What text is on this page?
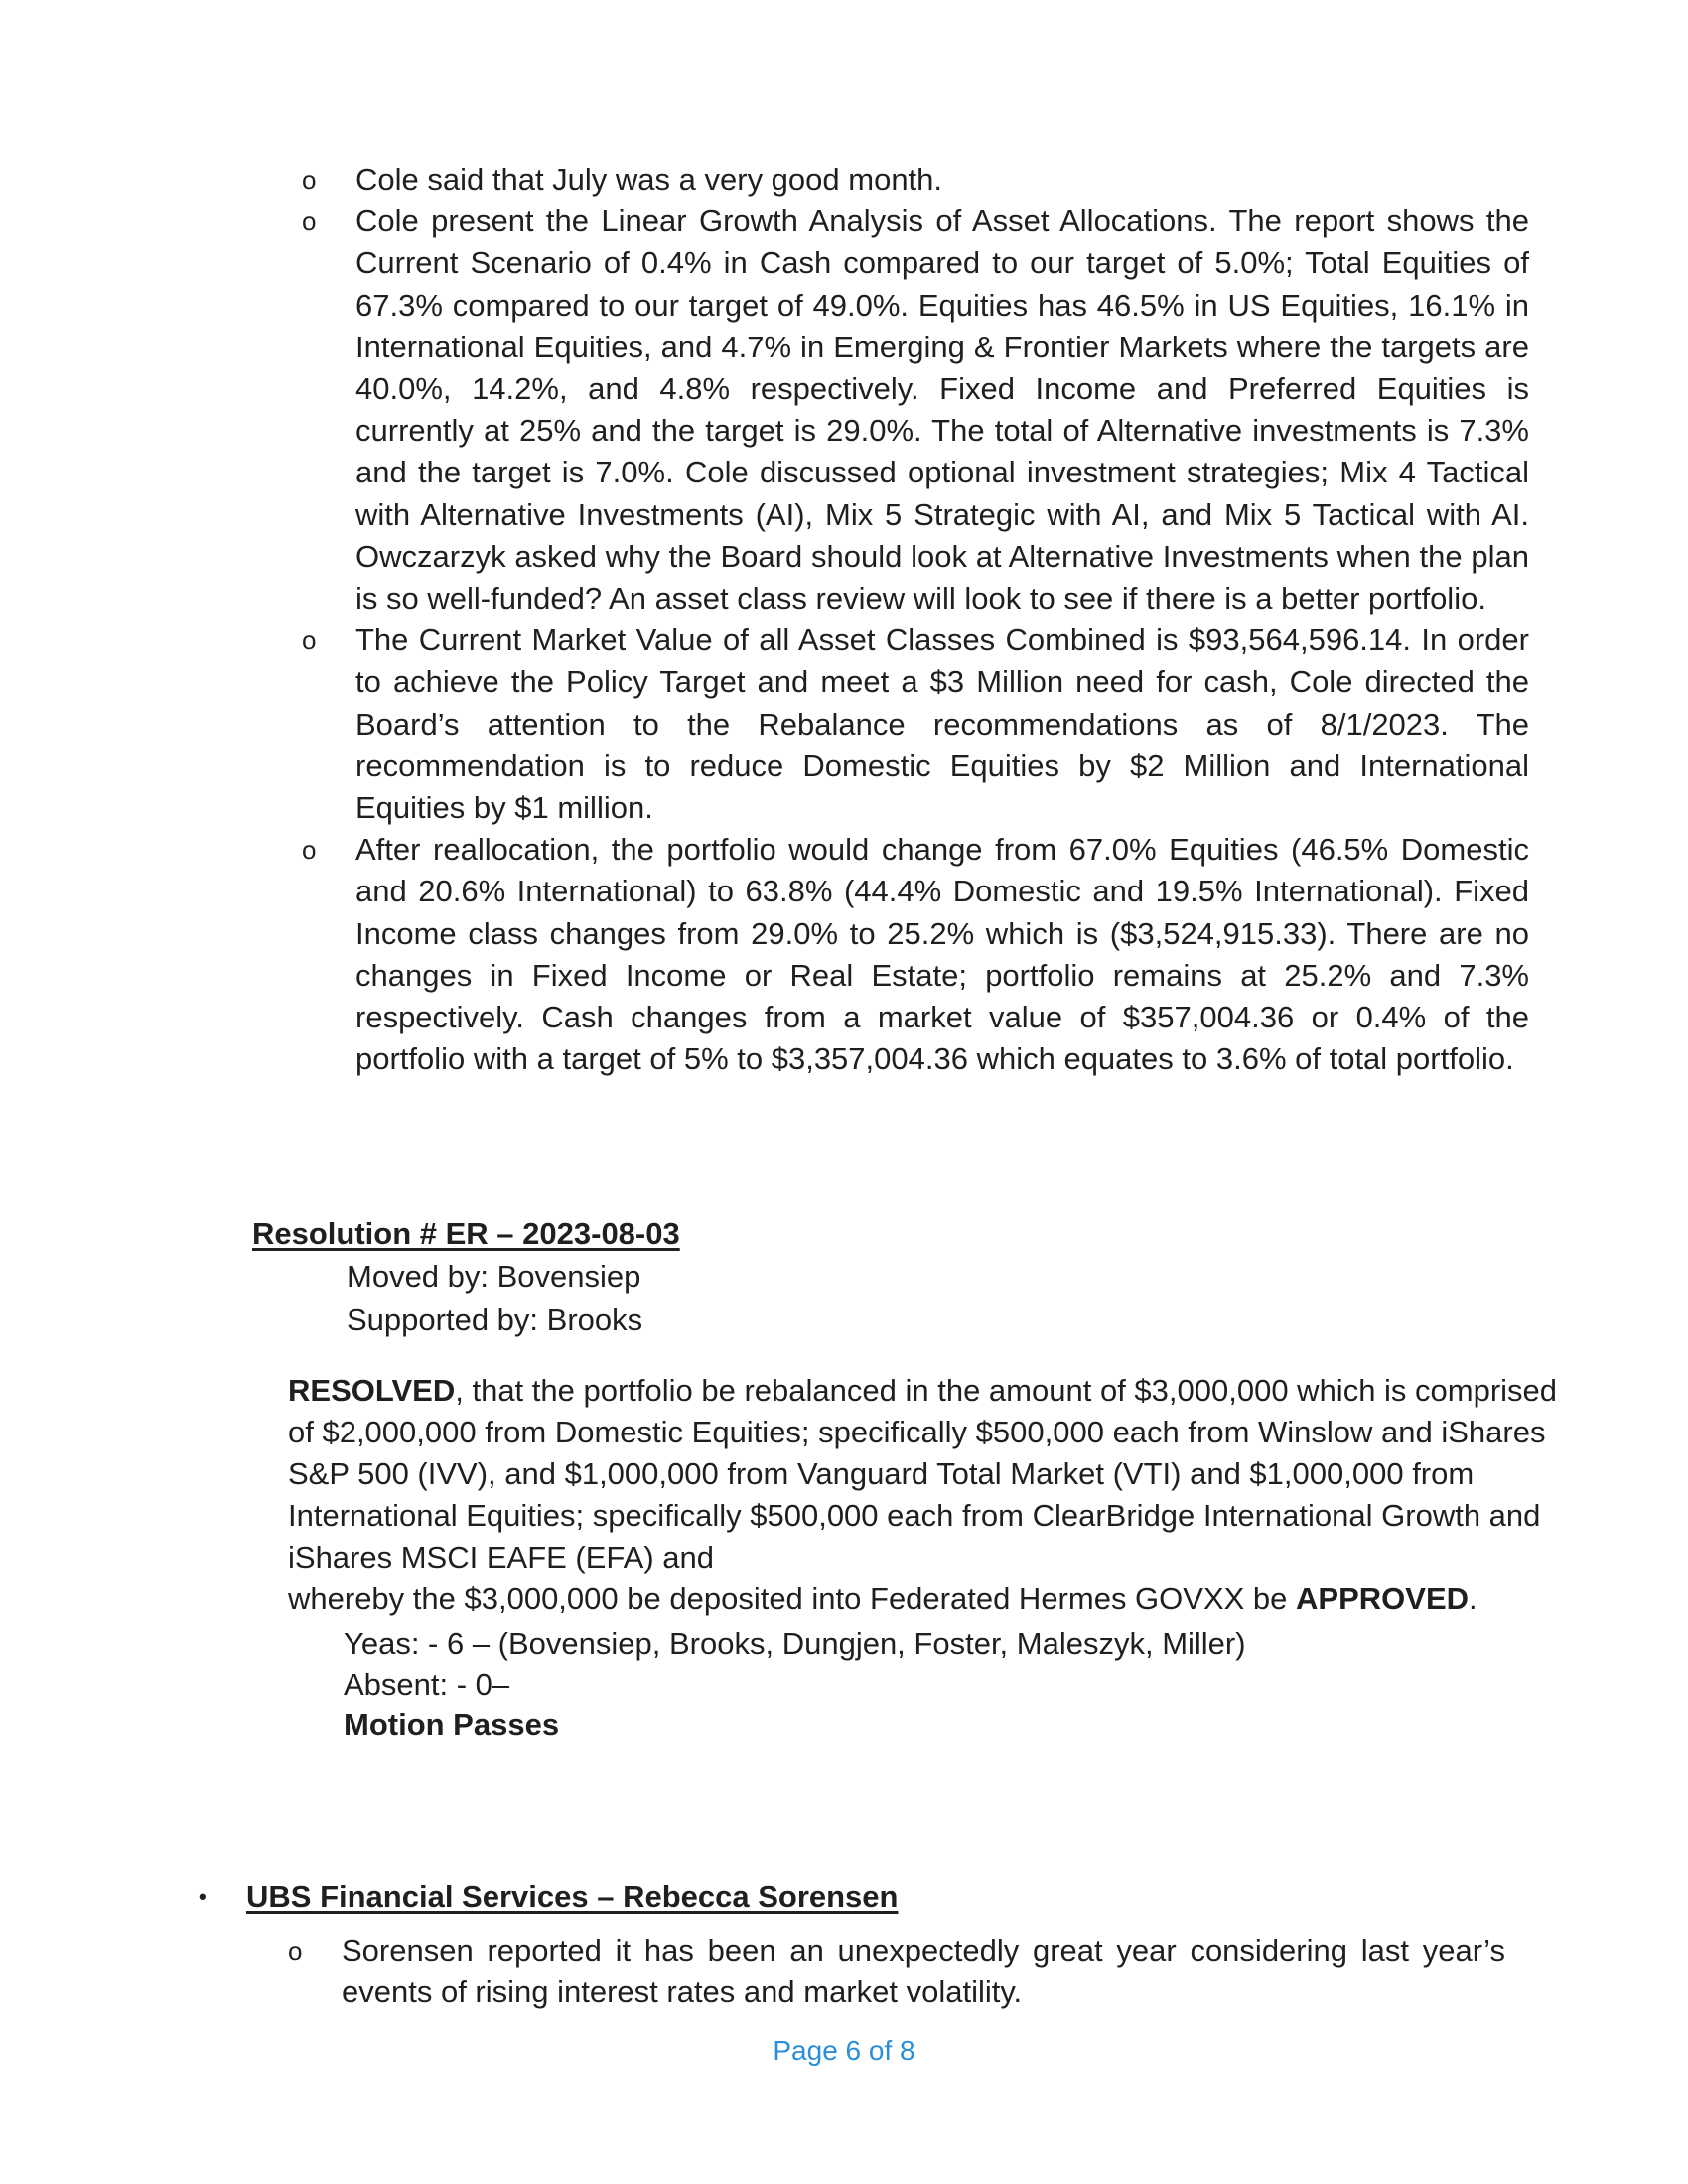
o Cole said that July was a very good month.
o Cole present the Linear Growth Analysis of Asset Allocations. The report shows the Current Scenario of 0.4% in Cash compared to our target of 5.0%; Total Equities of 67.3% compared to our target of 49.0%. Equities has 46.5% in US Equities, 16.1% in International Equities, and 4.7% in Emerging & Frontier Markets where the targets are 40.0%, 14.2%, and 4.8% respectively. Fixed Income and Preferred Equities is currently at 25% and the target is 29.0%. The total of Alternative investments is 7.3% and the target is 7.0%. Cole discussed optional investment strategies; Mix 4 Tactical with Alternative Investments (AI), Mix 5 Strategic with AI, and Mix 5 Tactical with AI. Owczarzyk asked why the Board should look at Alternative Investments when the plan is so well-funded? An asset class review will look to see if there is a better portfolio.
o The Current Market Value of all Asset Classes Combined is $93,564,596.14. In order to achieve the Policy Target and meet a $3 Million need for cash, Cole directed the Board’s attention to the Rebalance recommendations as of 8/1/2023. The recommendation is to reduce Domestic Equities by $2 Million and International Equities by $1 million.
o After reallocation, the portfolio would change from 67.0% Equities (46.5% Domestic and 20.6% International) to 63.8% (44.4% Domestic and 19.5% International). Fixed Income class changes from 29.0% to 25.2% which is ($3,524,915.33). There are no changes in Fixed Income or Real Estate; portfolio remains at 25.2% and 7.3% respectively. Cash changes from a market value of $357,004.36 or 0.4% of the portfolio with a target of 5% to $3,357,004.36 which equates to 3.6% of total portfolio.
Resolution # ER – 2023-08-03
Moved by: Bovensiep
Supported by: Brooks
RESOLVED, that the portfolio be rebalanced in the amount of $3,000,000 which is comprised of $2,000,000 from Domestic Equities; specifically $500,000 each from Winslow and iShares S&P 500 (IVV), and $1,000,000 from Vanguard Total Market (VTI) and $1,000,000 from International Equities; specifically $500,000 each from ClearBridge International Growth and iShares MSCI EAFE (EFA) and
whereby the $3,000,000 be deposited into Federated Hermes GOVXX be APPROVED.
Yeas: - 6 – (Bovensiep, Brooks, Dungjen, Foster, Maleszyk, Miller)
Absent: - 0–
Motion Passes
• UBS Financial Services – Rebecca Sorensen
o Sorensen reported it has been an unexpectedly great year considering last year’s events of rising interest rates and market volatility.
Page 6 of 8
